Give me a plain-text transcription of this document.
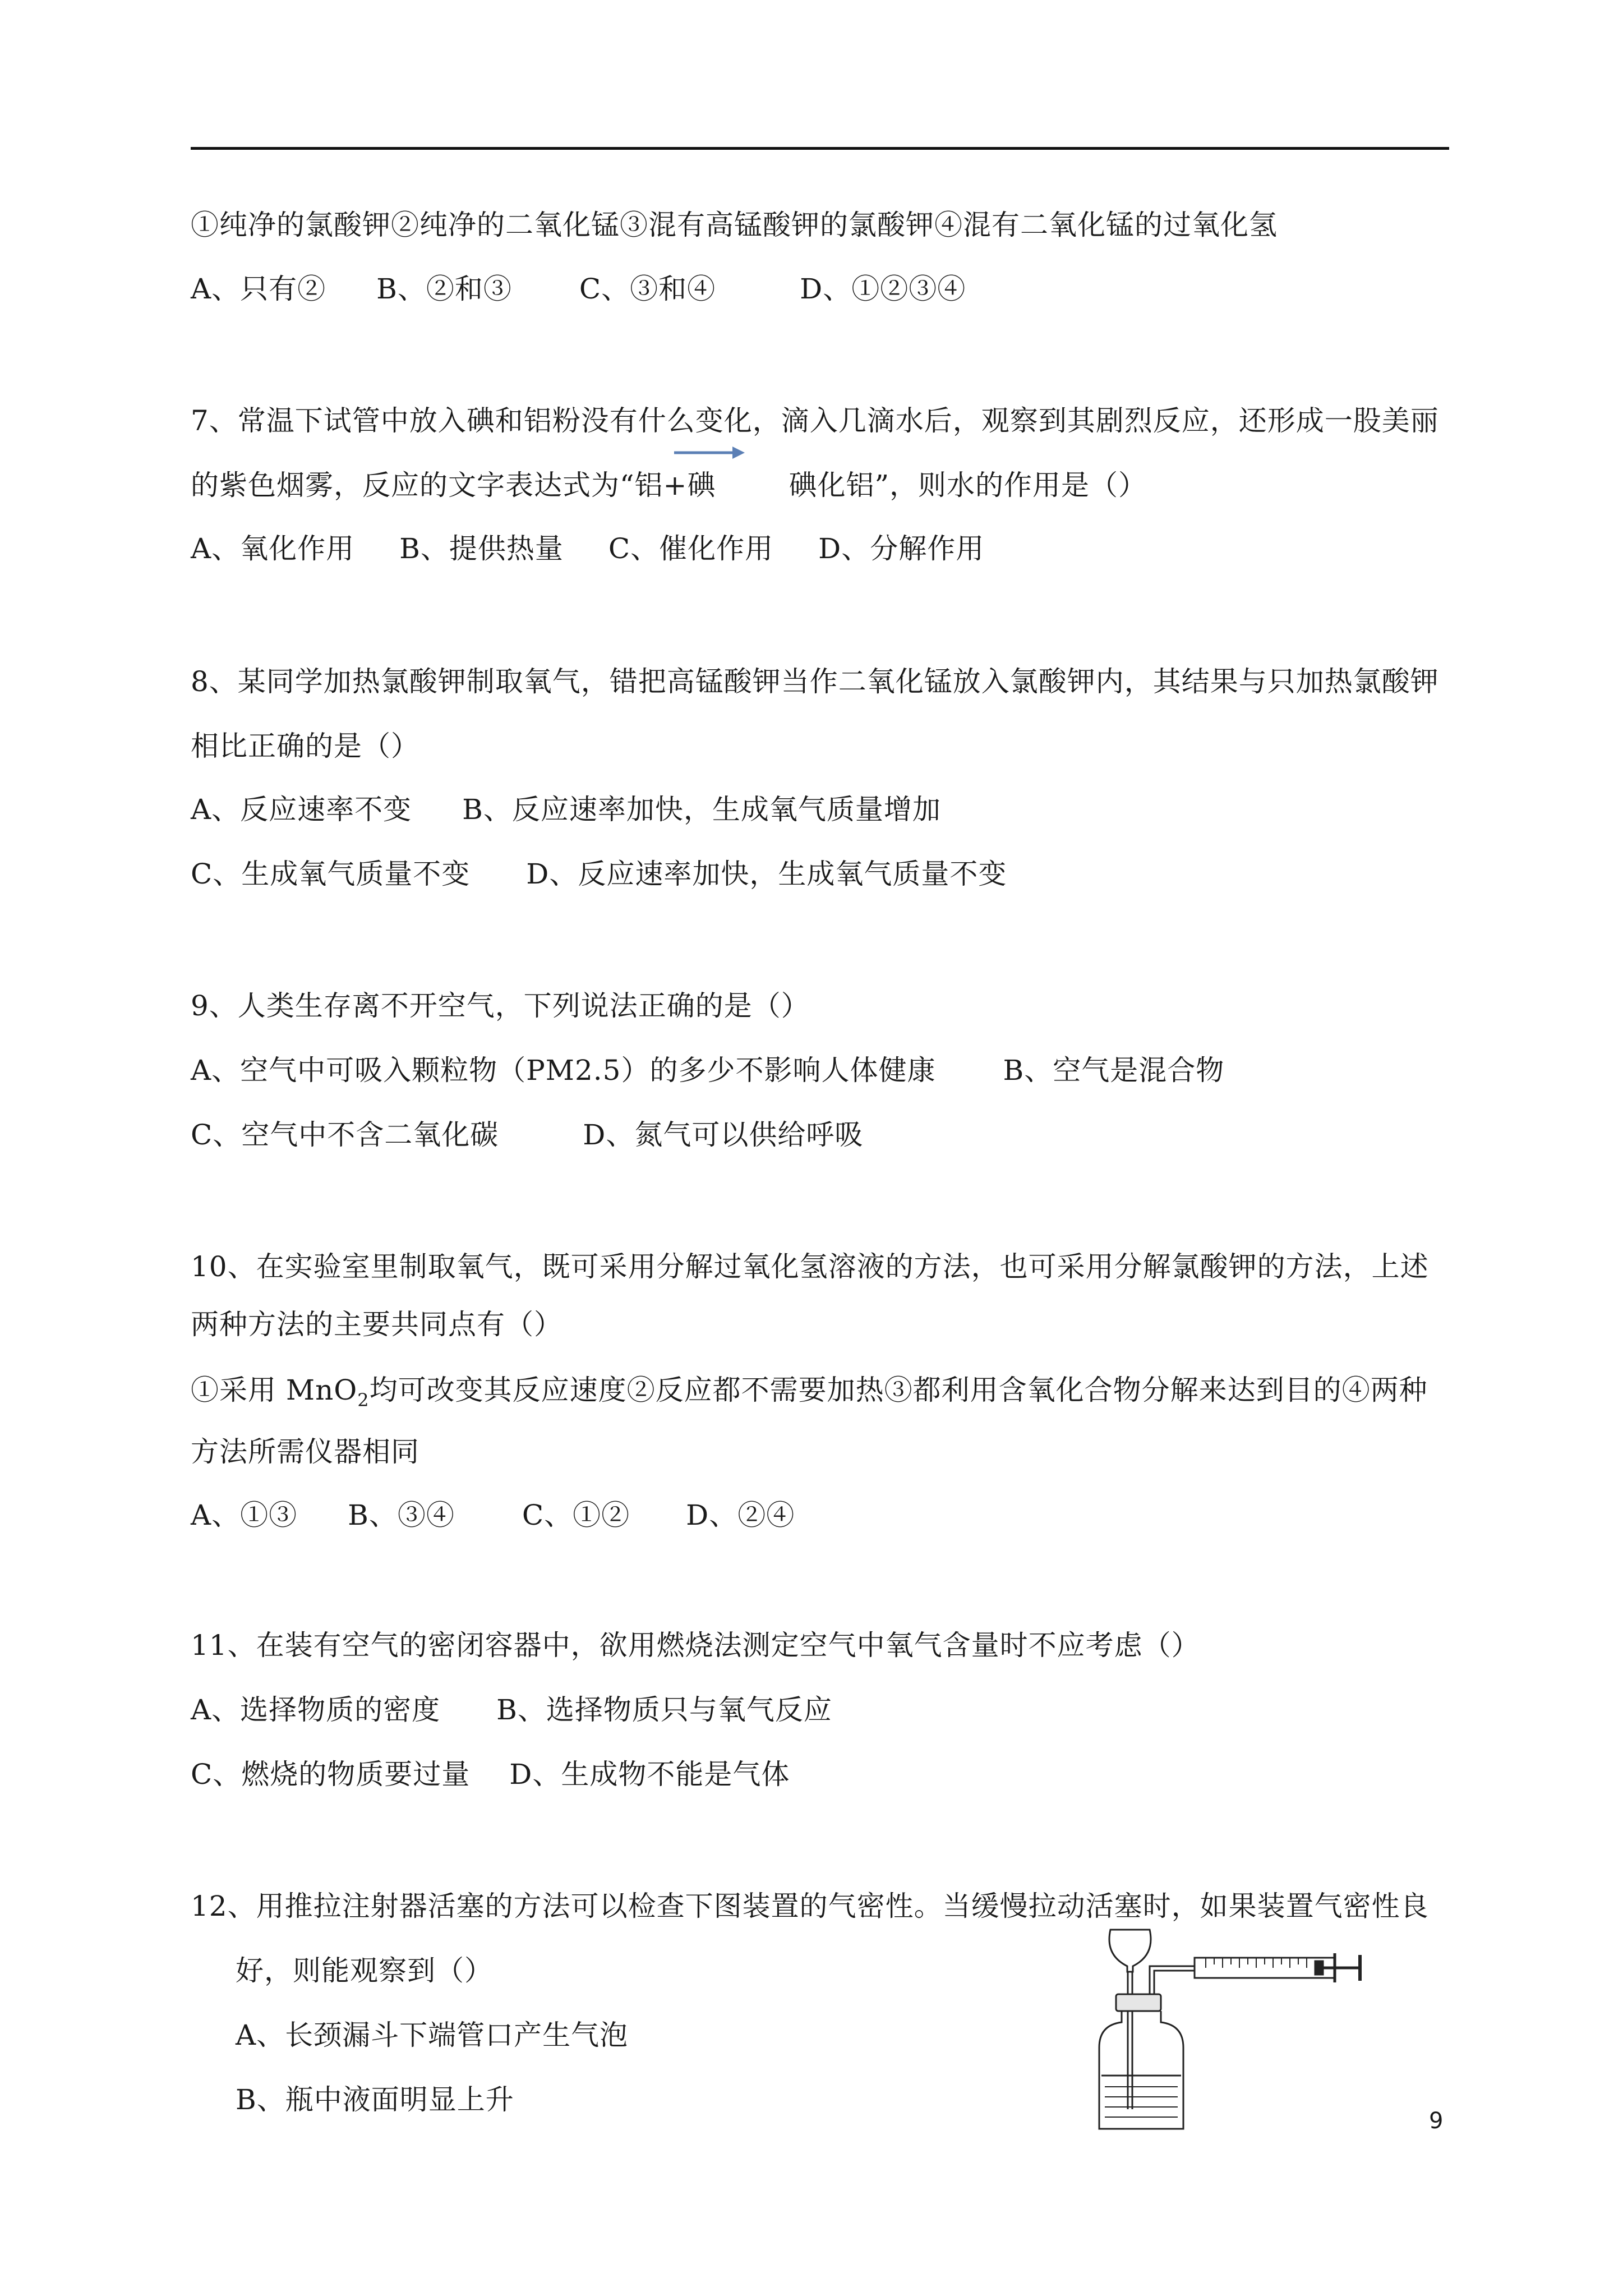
①纯净的氯酸钾②纯净的二氧化锰③混有高锰酸钾的氯酸钾④混有二氧化锰的过氧化氢
A、只有② B、②和③ C、③和④	D、①②③④
7、常温下试管中放入碘和铝粉没有什么变化，滴入几滴水后，观察到其剧烈反应，还形成一股美丽
的紫色烟雾，反应的文字表达式为“铝+碘	碘化铝”，则水的作用是（）
A、氧化作用 B、提供热量 C、催化作用 D、分解作用
8、某同学加热氯酸钾制取氧气，错把高锰酸钾当作二氧化锰放入氯酸钾内，其结果与只加热氯酸钾
相比正确的是（）
A、反应速率不变 B、反应速率加快，生成氧气质量增加
C、生成氧气质量不变 D、反应速率加快，生成氧气质量不变
9、人类生存离不开空气，下列说法正确的是（）
A、空气中可吸入颗粒物（PM2.5）的多少不影响人体健康 B、空气是混合物
C、空气中不含二氧化碳	D、氮气可以供给呼吸
10、在实验室里制取氧气，既可采用分解过氧化氢溶液的方法，也可采用分解氯酸钾的方法，上述
两种方法的主要共同点有（）
①采用 MnO$_2$均可改变其反应速度②反应都不需要加热③都利用含氧化合物分解来达到目的④两种
方法所需仪器相同
A、①③ B、③④ C、①② D、②④
11、在装有空气的密闭容器中，欲用燃烧法测定空气中氧气含量时不应考虑（）
A、选择物质的密度 B、选择物质只与氧气反应
C、燃烧的物质要过量 D、生成物不能是气体
12、用推拉注射器活塞的方法可以检查下图装置的气密性。当缓慢拉动活塞时，如果装置气密性良
好，则能观察到（）
A、长颈漏斗下端管口产生气泡
B、瓶中液面明显上升
9
